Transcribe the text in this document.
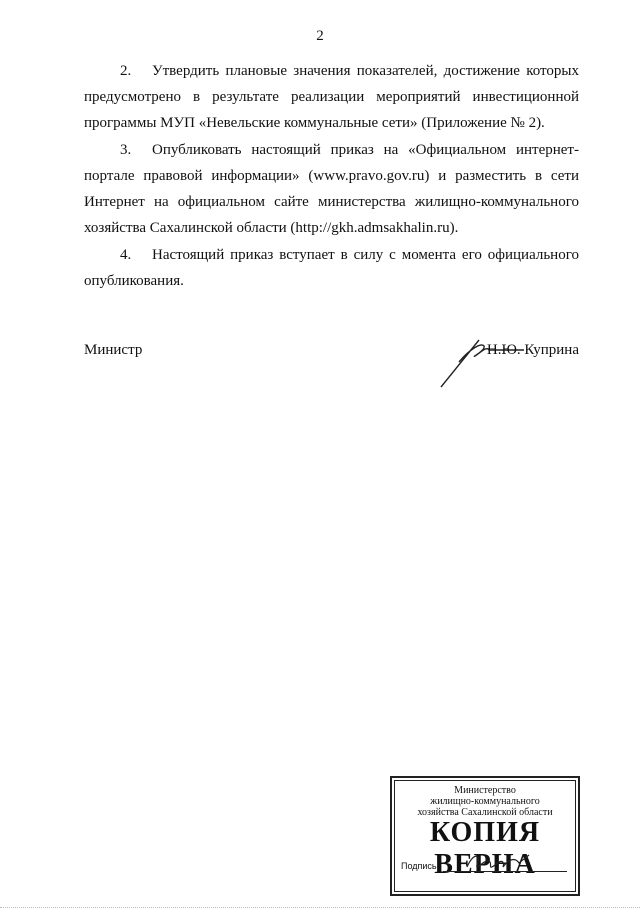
2
2. Утвердить плановые значения показателей, достижение которых предусмотрено в результате реализации мероприятий инвестиционной программы МУП «Невельские коммунальные сети» (Приложение № 2).
3. Опубликовать настоящий приказ на «Официальном интернет-портале правовой информации» (www.pravo.gov.ru) и разместить в сети Интернет на официальном сайте министерства жилищно-коммунального хозяйства Сахалинской области (http://gkh.admsakhalin.ru).
4. Настоящий приказ вступает в силу с момента его официального опубликования.
Министр	Н.Ю. Куприна
Министерство
жилищно-коммунального
хозяйства Сахалинской области
КОПИЯ ВЕРНА
Подпись
